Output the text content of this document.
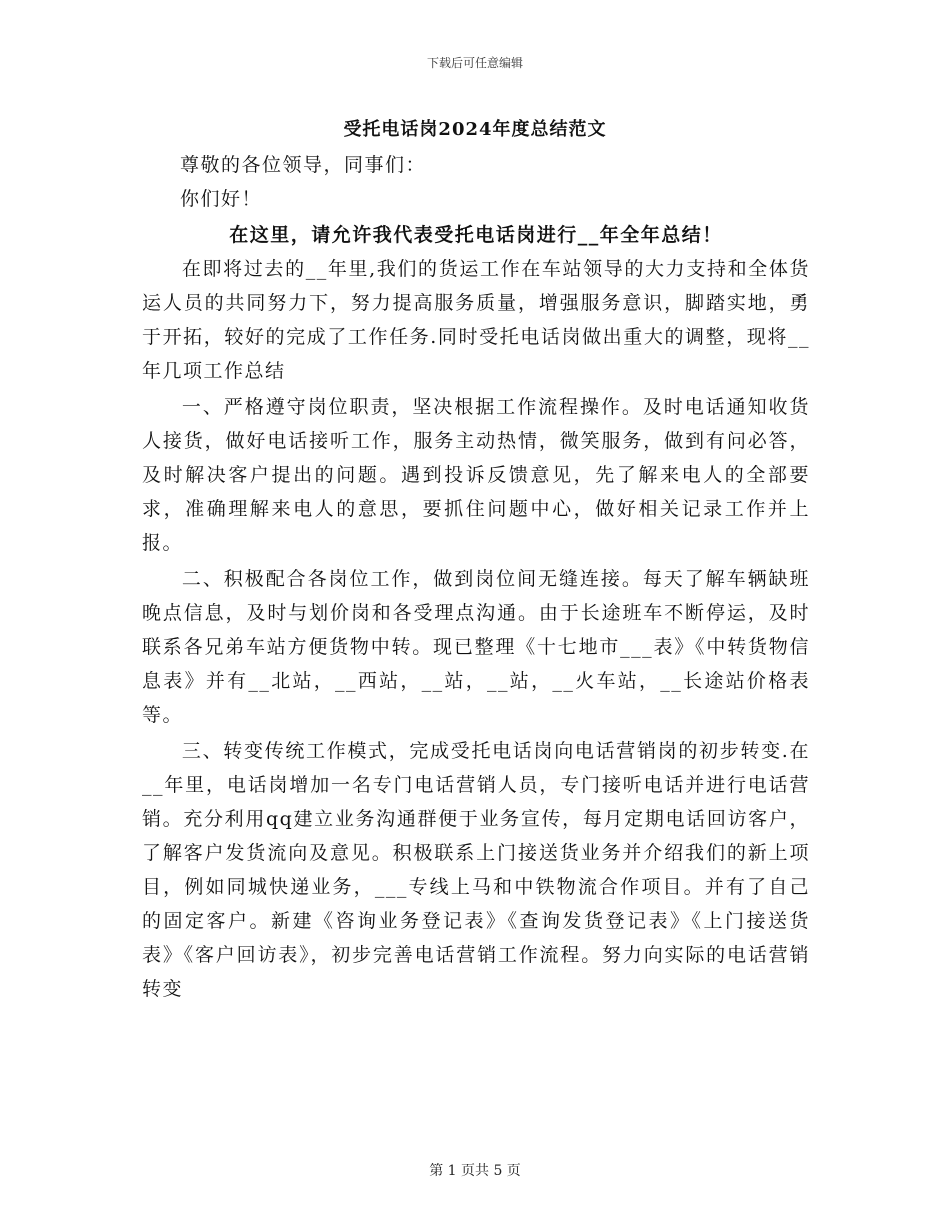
下载后可任意编辑
受托电话岗2024年度总结范文

尊敬的各位领导，同事们：

你们好！

在这里，请允许我代表受托电话岗进行__年全年总结！

在即将过去的__年里,我们的货运工作在车站领导的大力支持和全体货运人员的共同努力下，努力提高服务质量，增强服务意识，脚踏实地，勇于开拓，较好的完成了工作任务.同时受托电话岗做出重大的调整，现将__年几项工作总结

一、严格遵守岗位职责，坚决根据工作流程操作。及时电话通知收货人接货，做好电话接听工作，服务主动热情，微笑服务，做到有问必答，及时解决客户提出的问题。遇到投诉反馈意见，先了解来电人的全部要求，准确理解来电人的意思，要抓住问题中心，做好相关记录工作并上报。

二、积极配合各岗位工作，做到岗位间无缝连接。每天了解车辆缺班晚点信息，及时与划价岗和各受理点沟通。由于长途班车不断停运，及时联系各兄弟车站方便货物中转。现已整理《十七地市___表》《中转货物信息表》并有__北站，__西站，__站，__站，__火车站，__长途站价格表等。

三、转变传统工作模式，完成受托电话岗向电话营销岗的初步转变.在__年里，电话岗增加一名专门电话营销人员，专门接听电话并进行电话营销。充分利用qq建立业务沟通群便于业务宣传，每月定期电话回访客户，了解客户发货流向及意见。积极联系上门接送货业务并介绍我们的新上项目，例如同城快递业务，___专线上马和中铁物流合作项目。并有了自己的固定客户。新建《咨询业务登记表》《查询发货登记表》《上门接送货表》《客户回访表》，初步完善电话营销工作流程。努力向实际的电话营销转变

第 1 页共 5 页
